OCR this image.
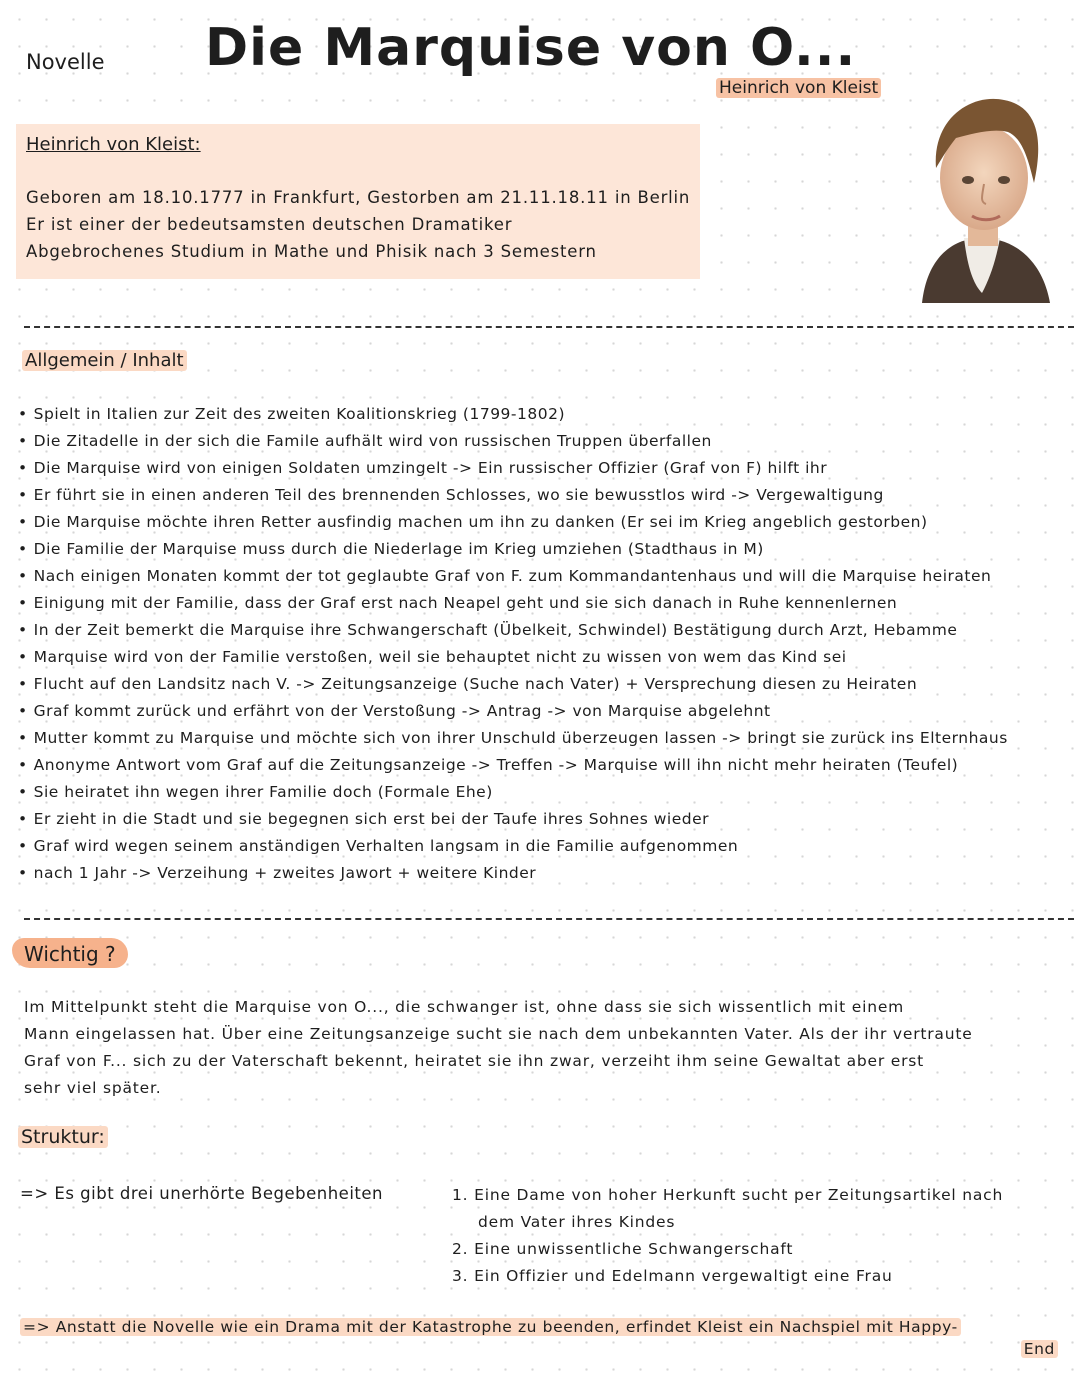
Novelle Die Marquise von O...
Heinrich von Kleist
Heinrich von Kleist:
Geboren am 18.10.1777 in Frankfurt, Gestorben am 21.11.18.11 in Berlin
Er ist einer der bedeutsamsten deutschen Dramatiker
Abgebrochenes Studium in Mathe und Phisik nach 3 Semestern
Allgemein / Inhalt
• Spielt in Italien zur Zeit des zweiten Koalitionskrieg (1799-1802)
• Die Zitadelle in der sich die Famile aufhält wird von russischen Truppen überfallen
• Die Marquise wird von einigen Soldaten umzingelt -> Ein russischer Offizier (Graf von F) hilft ihr
• Er führt sie in einen anderen Teil des brennenden Schlosses, wo sie bewusstlos wird -> Vergewaltigung
• Die Marquise möchte ihren Retter ausfindig machen um ihn zu danken (Er sei im Krieg angeblich gestorben)
• Die Familie der Marquise muss durch die Niederlage im Krieg umziehen (Stadthaus in M)
• Nach einigen Monaten kommt der tot geglaubte Graf von F. zum Kommandantenhaus und will die Marquise heiraten
• Einigung mit der Familie, dass der Graf erst nach Neapel geht und sie sich danach in Ruhe kennenlernen
• In der Zeit bemerkt die Marquise ihre Schwangerschaft (Übelkeit, Schwindel) Bestätigung durch Arzt, Hebamme
• Marquise wird von der Familie verstoßen, weil sie behauptet nicht zu wissen von wem das Kind sei
• Flucht auf den Landsitz nach V. -> Zeitungsanzeige (Suche nach Vater) + Versprechung diesen zu Heiraten
• Graf kommt zurück und erfährt von der Verstoßung -> Antrag -> von Marquise abgelehnt
• Mutter kommt zu Marquise und möchte sich von ihrer Unschuld überzeugen lassen -> bringt sie zurück ins Elternhaus
• Anonyme Antwort vom Graf auf die Zeitungsanzeige -> Treffen -> Marquise will ihn nicht mehr heiraten (Teufel)
• Sie heiratet ihn wegen ihrer Familie doch (Formale Ehe)
• Er zieht in die Stadt und sie begegnen sich erst bei der Taufe ihres Sohnes wieder
• Graf wird wegen seinem anständigen Verhalten langsam in die Familie aufgenommen
• nach 1 Jahr -> Verzeihung + zweites Jawort + weitere Kinder
Wichtig ?
Im Mittelpunkt steht die Marquise von O..., die schwanger ist, ohne dass sie sich wissentlich mit einem
Mann eingelassen hat. Über eine Zeitungsanzeige sucht sie nach dem unbekannten Vater. Als der ihr vertraute
Graf von F... sich zu der Vaterschaft bekennt, heiratet sie ihn zwar, verzeiht ihm seine Gewaltat aber erst
sehr viel später.
Struktur:
=> Es gibt drei unerhörte Begebenheiten	1. Eine Dame von hoher Herkunft sucht per Zeitungsartikel nach
dem Vater ihres Kindes
2. Eine unwissentliche Schwangerschaft
3. Ein Offizier und Edelmann vergewaltigt eine Frau
=> Anstatt die Novelle wie ein Drama mit der Katastrophe zu beenden, erfindet Kleist ein Nachspiel mit Happy-
End
